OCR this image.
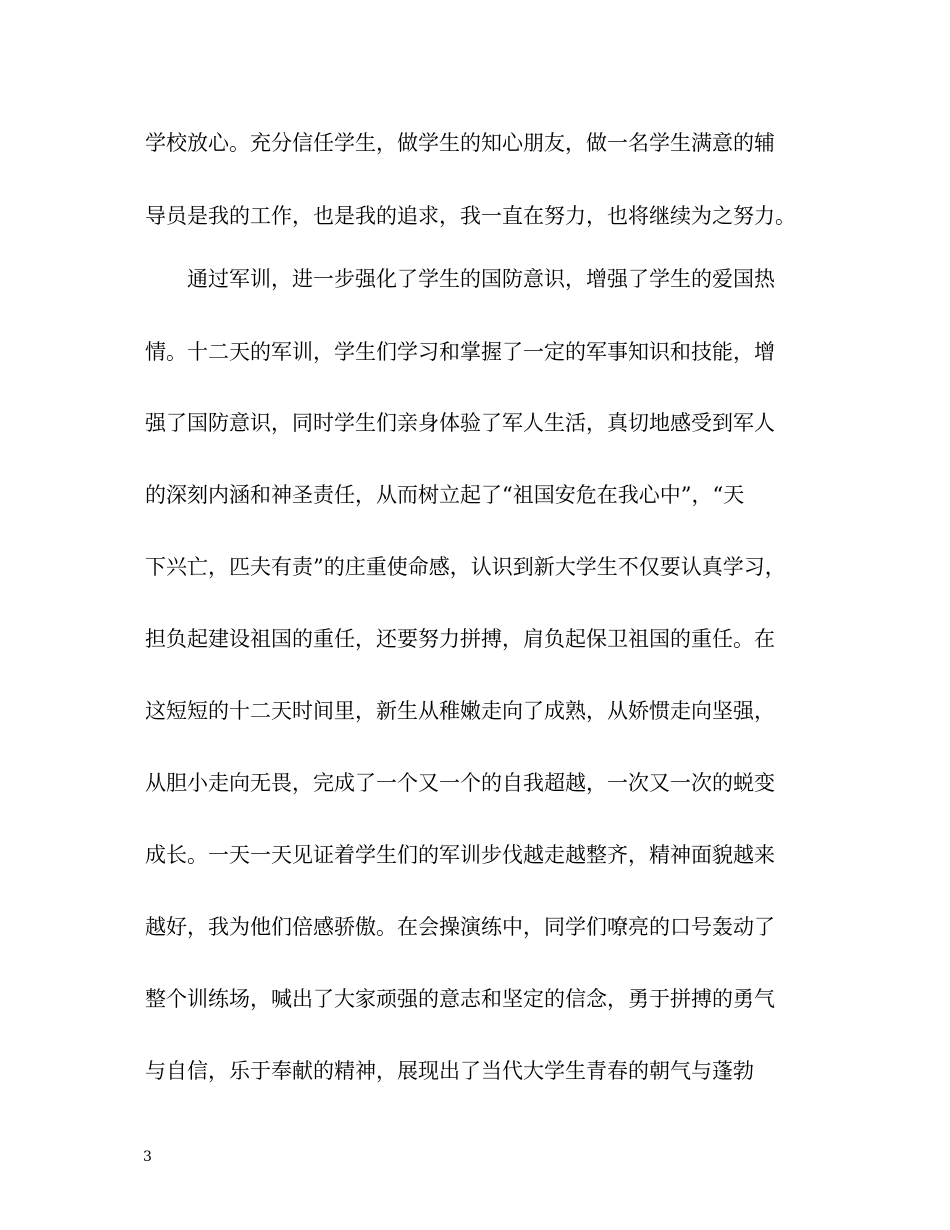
学校放心。充分信任学生，做学生的知心朋友，做一名学生满意的辅
导员是我的工作，也是我的追求，我一直在努力，也将继续为之努力。
通过军训，进一步强化了学生的国防意识，增强了学生的爱国热
情。十二天的军训，学生们学习和掌握了一定的军事知识和技能，增
强了国防意识，同时学生们亲身体验了军人生活，真切地感受到军人
的深刻内涵和神圣责任，从而树立起了“祖国安危在我心中”，“天
下兴亡，匹夫有责”的庄重使命感，认识到新大学生不仅要认真学习，
担负起建设祖国的重任，还要努力拼搏，肩负起保卫祖国的重任。在
这短短的十二天时间里，新生从稚嫩走向了成熟，从娇惯走向坚强，
从胆小走向无畏，完成了一个又一个的自我超越，一次又一次的蜕变
成长。一天一天见证着学生们的军训步伐越走越整齐，精神面貌越来
越好，我为他们倍感骄傲。在会操演练中，同学们嘹亮的口号轰动了
整个训练场，喊出了大家顽强的意志和坚定的信念，勇于拼搏的勇气
与自信，乐于奉献的精神，展现出了当代大学生青春的朝气与蓬勃
3
